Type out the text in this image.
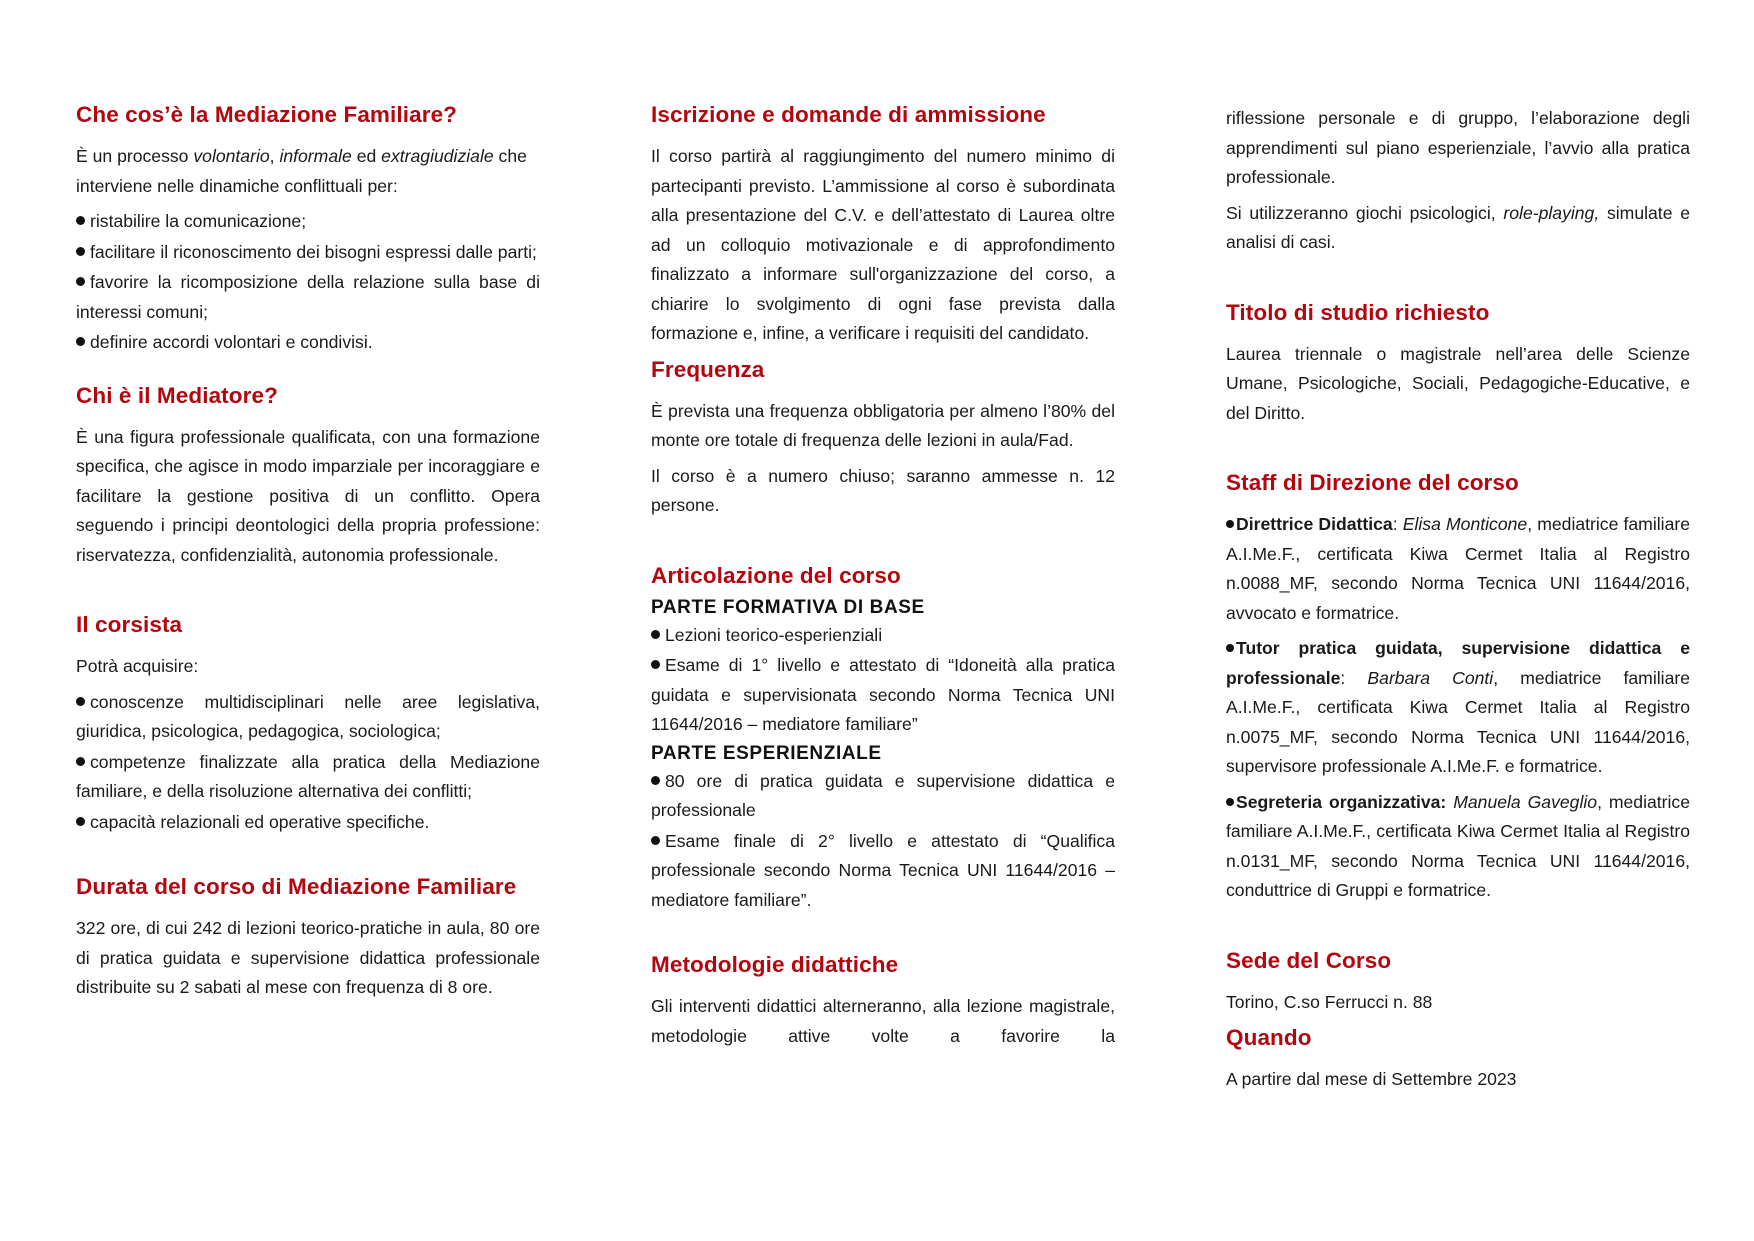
Che cos’è la Mediazione Familiare?

È un processo volontario, informale ed extragiudiziale che interviene nelle dinamiche conflittuali per:

ristabilire la comunicazione;
facilitare il riconoscimento dei bisogni espressi dalle parti;
favorire la ricomposizione della relazione sulla base di interessi comuni;
definire accordi volontari e condivisi.
Chi è il Mediatore?

È una figura professionale qualificata, con una formazione specifica, che agisce in modo imparziale per incoraggiare e facilitare la gestione positiva di un conflitto. Opera seguendo i principi deontologici della propria professione: riservatezza, confidenzialità, autonomia professionale.

Il corsista

Potrà acquisire:

conoscenze multidisciplinari nelle aree legislativa, giuridica, psicologica, pedagogica, sociologica;
competenze finalizzate alla pratica della Mediazione familiare, e della risoluzione alternativa dei conflitti;
capacità relazionali ed operative specifiche.
Durata del corso di Mediazione Familiare

322 ore, di cui 242 di lezioni teorico-pratiche in aula, 80 ore di pratica guidata e supervisione didattica professionale distribuite su 2 sabati al mese con frequenza di 8 ore.

Iscrizione e domande di ammissione

Il corso partirà al raggiungimento del numero minimo di partecipanti previsto. L’ammissione al corso è subordinata alla presentazione del C.V. e dell’attestato di Laurea oltre ad un colloquio motivazionale e di approfondimento finalizzato a informare sull'organizzazione del corso, a chiarire lo svolgimento di ogni fase prevista dalla formazione e, infine, a verificare i requisiti del candidato.

Frequenza

È prevista una frequenza obbligatoria per almeno l’80% del monte ore totale di frequenza delle lezioni in aula/Fad.

Il corso è a numero chiuso; saranno ammesse n. 12 persone.

Articolazione del corso
PARTE FORMATIVA DI BASE
Lezioni teorico-esperienziali
Esame di 1° livello e attestato di “Idoneità alla pratica guidata e supervisionata secondo Norma Tecnica UNI 11644/2016 – mediatore familiare”
PARTE ESPERIENZIALE
80 ore di pratica guidata e supervisione didattica e professionale
Esame finale di 2° livello e attestato di “Qualifica professionale secondo Norma Tecnica UNI 11644/2016 – mediatore familiare”.
Metodologie didattiche

Gli interventi didattici alterneranno, alla lezione magistrale, metodologie attive volte a favorire la

riflessione personale e di gruppo, l’elaborazione degli apprendimenti sul piano esperienziale, l’avvio alla pratica professionale.

Si utilizzeranno giochi psicologici, role-playing, simulate e analisi di casi.

Titolo di studio richiesto

Laurea triennale o magistrale nell’area delle Scienze Umane, Psicologiche, Sociali, Pedagogiche-Educative, e del Diritto.

Staff di Direzione del corso

Direttrice Didattica: Elisa Monticone, mediatrice familiare A.I.Me.F., certificata Kiwa Cermet Italia al Registro n.0088_MF, secondo Norma Tecnica UNI 11644/2016, avvocato e formatrice.

Tutor pratica guidata, supervisione didattica e professionale: Barbara Conti, mediatrice familiare A.I.Me.F., certificata Kiwa Cermet Italia al Registro n.0075_MF, secondo Norma Tecnica UNI 11644/2016, supervisore professionale A.I.Me.F. e formatrice.

Segreteria organizzativa: Manuela Gaveglio, mediatrice familiare A.I.Me.F., certificata Kiwa Cermet Italia al Registro n.0131_MF, secondo Norma Tecnica UNI 11644/2016, conduttrice di Gruppi e formatrice.

Sede del Corso

Torino, C.so Ferrucci n. 88

Quando

A partire dal mese di Settembre 2023
